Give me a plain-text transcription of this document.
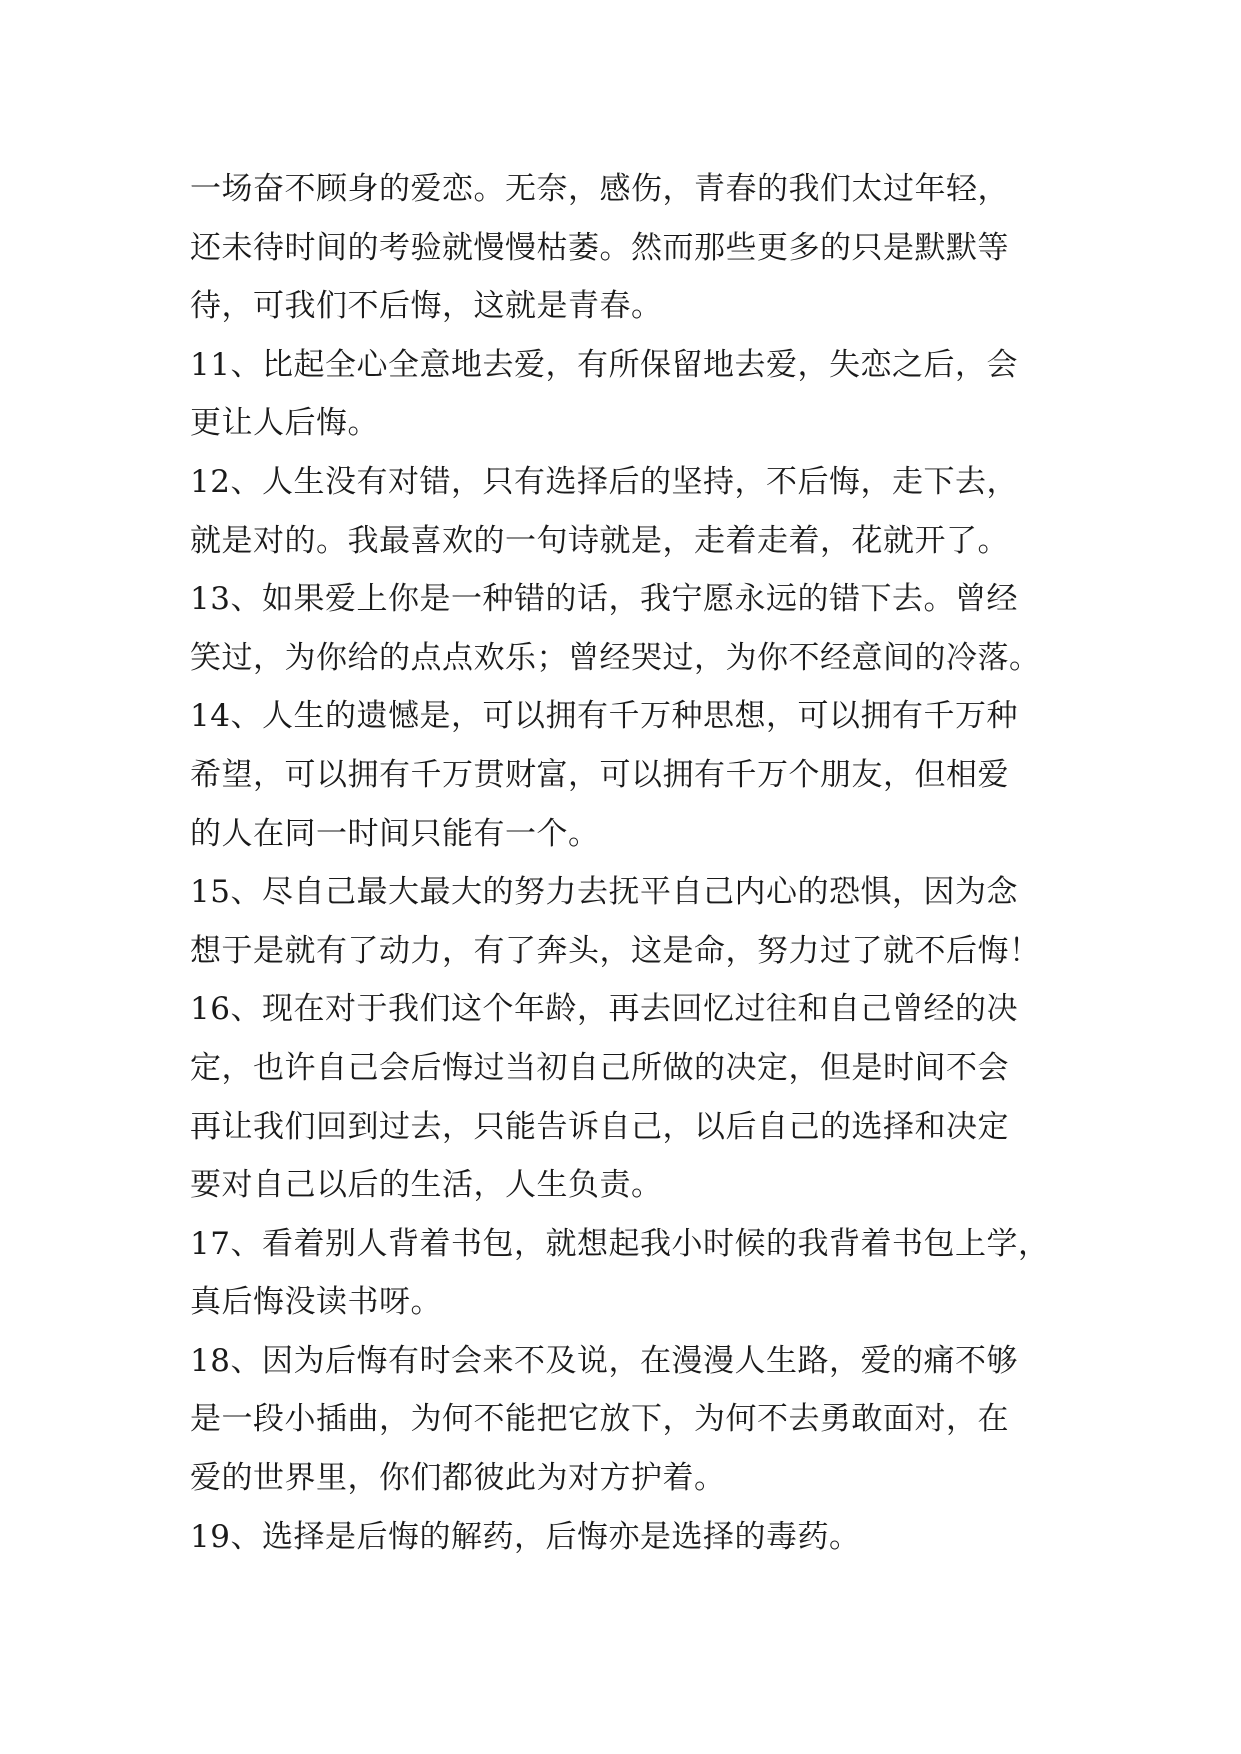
一场奋不顾身的爱恋。无奈，感伤，青春的我们太过年轻，
还未待时间的考验就慢慢枯萎。然而那些更多的只是默默等
待，可我们不后悔，这就是青春。
11、比起全心全意地去爱，有所保留地去爱，失恋之后，会
更让人后悔。
12、人生没有对错，只有选择后的坚持，不后悔，走下去，
就是对的。我最喜欢的一句诗就是，走着走着，花就开了。
13、如果爱上你是一种错的话，我宁愿永远的错下去。曾经
笑过，为你给的点点欢乐；曾经哭过，为你不经意间的冷落。
14、人生的遗憾是，可以拥有千万种思想，可以拥有千万种
希望，可以拥有千万贯财富，可以拥有千万个朋友，但相爱
的人在同一时间只能有一个。
15、尽自己最大最大的努力去抚平自己内心的恐惧，因为念
想于是就有了动力，有了奔头，这是命，努力过了就不后悔！
16、现在对于我们这个年龄，再去回忆过往和自己曾经的决
定，也许自己会后悔过当初自己所做的决定，但是时间不会
再让我们回到过去，只能告诉自己，以后自己的选择和决定
要对自己以后的生活，人生负责。
17、看着别人背着书包，就想起我小时候的我背着书包上学，
真后悔没读书呀。
18、因为后悔有时会来不及说，在漫漫人生路，爱的痛不够
是一段小插曲，为何不能把它放下，为何不去勇敢面对，在
爱的世界里，你们都彼此为对方护着。
19、选择是后悔的解药，后悔亦是选择的毒药。
